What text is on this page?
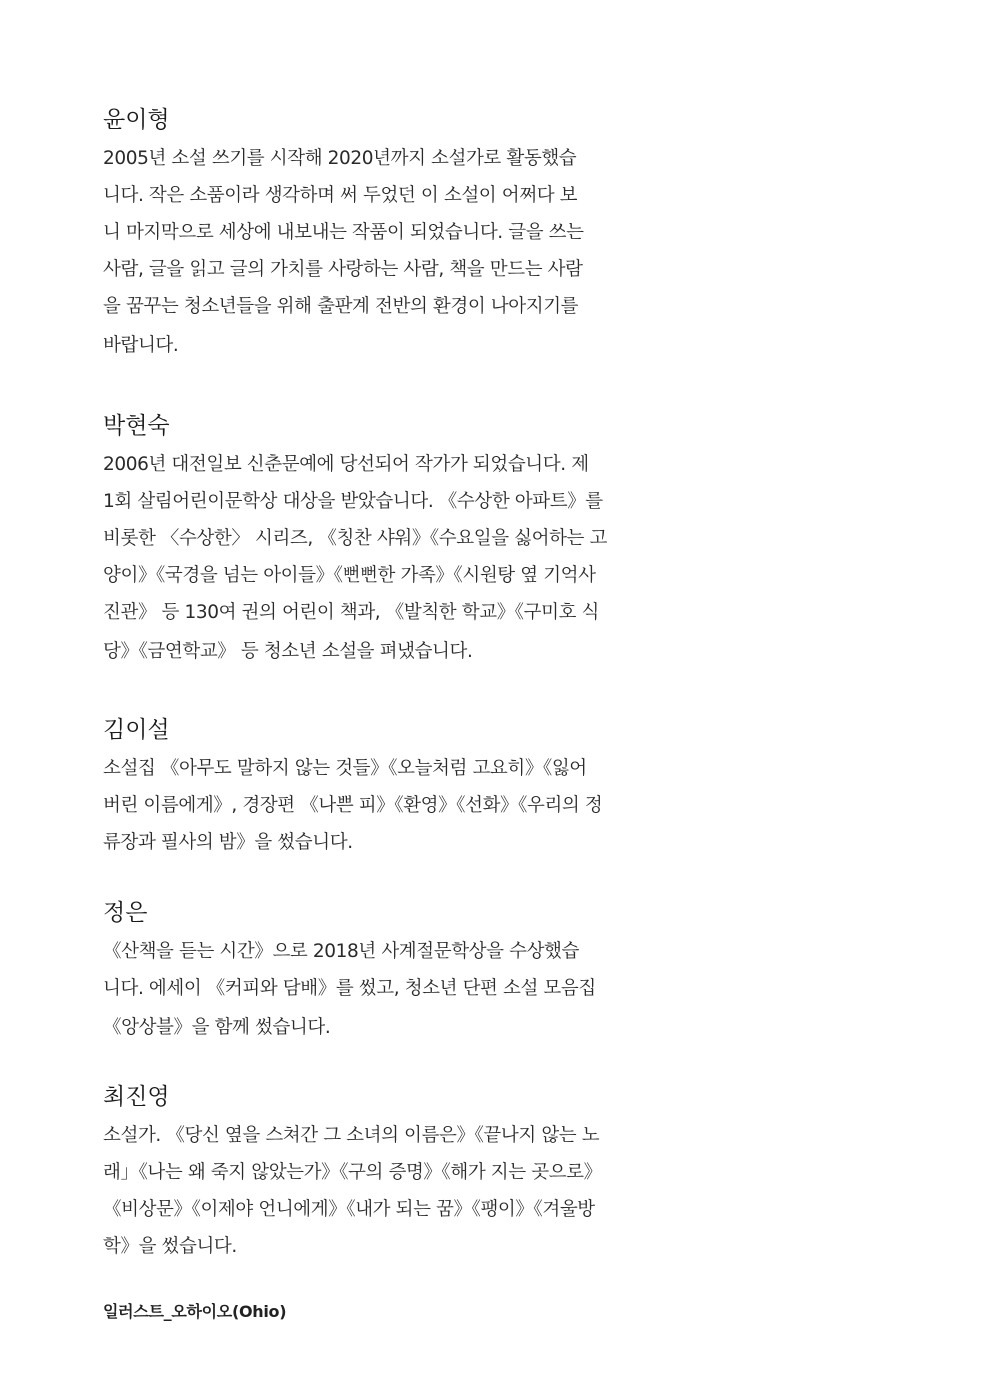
윤이형
2005년 소설 쓰기를 시작해 2020년까지 소설가로 활동했습
니다. 작은 소품이라 생각하며 써 두었던 이 소설이 어쩌다 보
니 마지막으로 세상에 내보내는 작품이 되었습니다. 글을 쓰는
사람, 글을 읽고 글의 가치를 사랑하는 사람, 책을 만드는 사람
을 꿈꾸는 청소년들을 위해 출판계 전반의 환경이 나아지기를
바랍니다.
박현숙
2006년 대전일보 신춘문예에 당선되어 작가가 되었습니다. 제
1회 살림어린이문학상 대상을 받았습니다. 《수상한 아파트》를
비롯한 〈수상한〉 시리즈, 《칭찬 샤워》《수요일을 싫어하는 고
양이》《국경을 넘는 아이들》《뻔뻔한 가족》《시원탕 옆 기억사
진관》 등 130여 권의 어린이 책과, 《발칙한 학교》《구미호 식
당》《금연학교》 등 청소년 소설을 펴냈습니다.
김이설
소설집 《아무도 말하지 않는 것들》《오늘처럼 고요히》《잃어
버린 이름에게》, 경장편 《나쁜 피》《환영》《선화》《우리의 정
류장과 필사의 밤》을 썼습니다.
정은
《산책을 듣는 시간》으로 2018년 사계절문학상을 수상했습
니다. 에세이 《커피와 담배》를 썼고, 청소년 단편 소설 모음집
《앙상블》을 함께 썼습니다.
최진영
소설가. 《당신 옆을 스쳐간 그 소녀의 이름은》《끝나지 않는 노
래」《나는 왜 죽지 않았는가》《구의 증명》《해가 지는 곳으로》
《비상문》《이제야 언니에게》《내가 되는 꿈》《팽이》《겨울방
학》을 썼습니다.
일러스트_오하이오(Ohio)
